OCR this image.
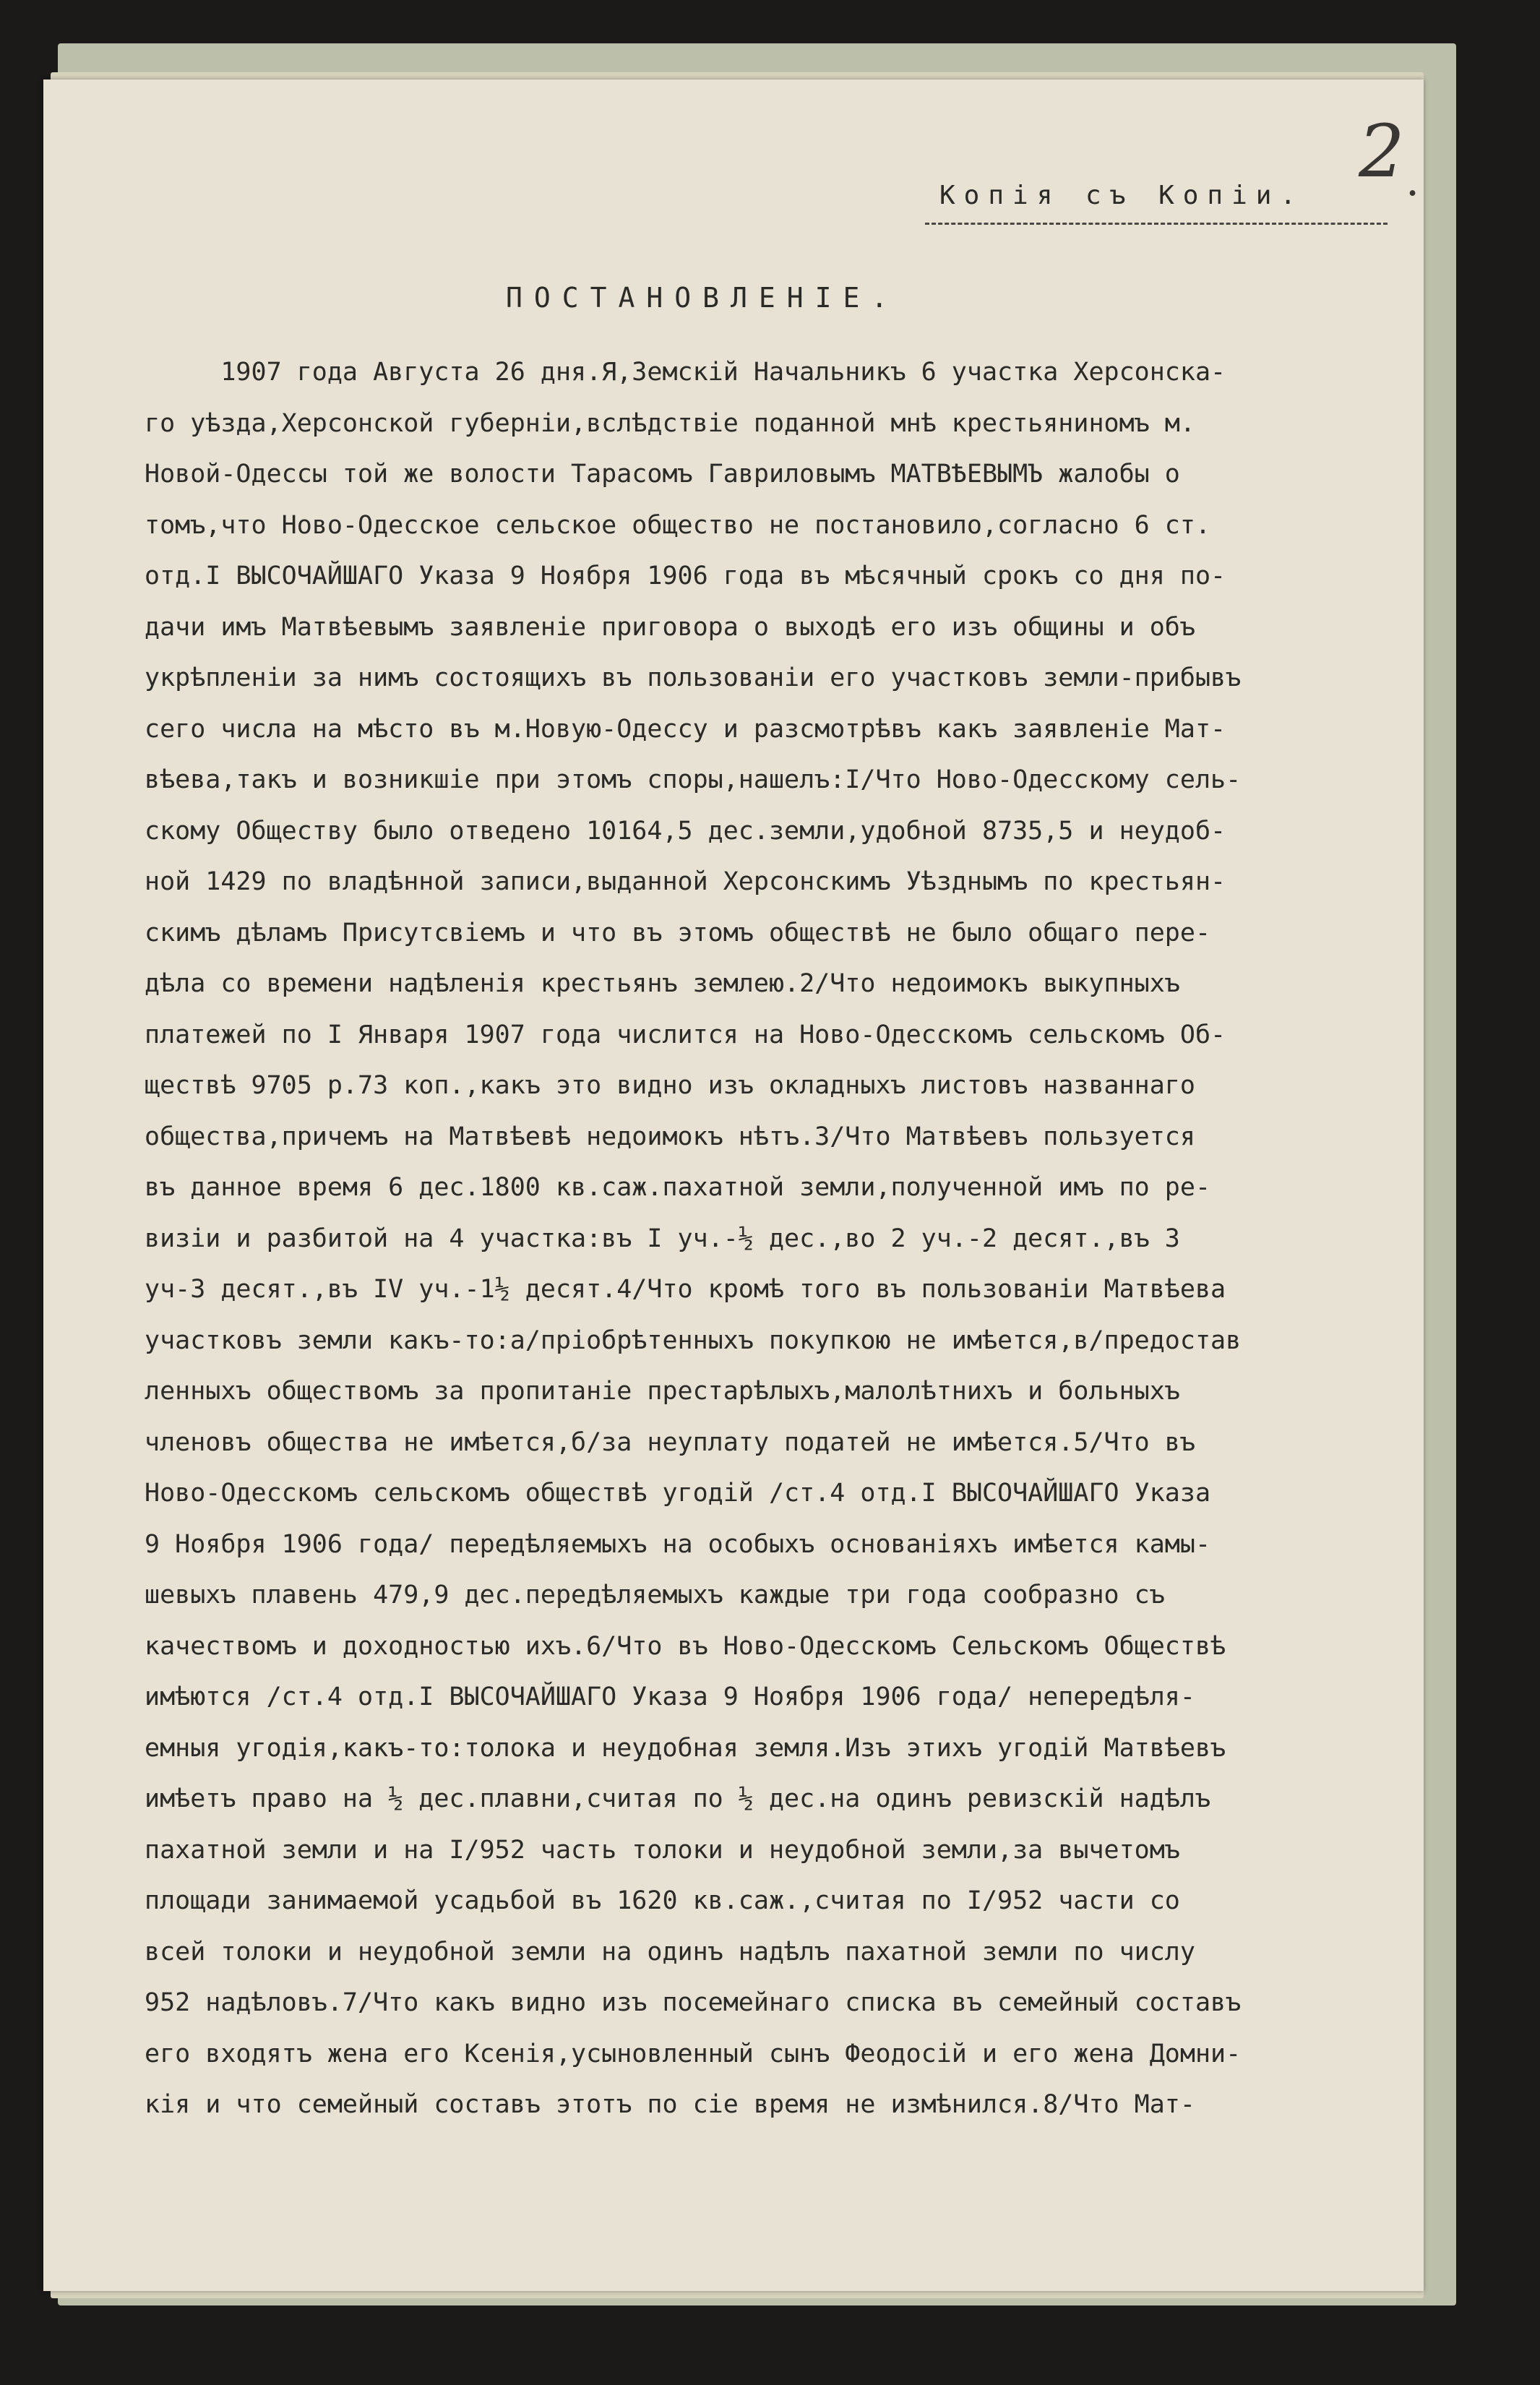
2 .
Копія съ Копіи.
ПОСТАНОВЛЕНІЕ.
1907 года Августа 26 дня.Я,Земскій Начальникъ 6 участка Херсонска-
го уѣзда,Херсонской губерніи,вслѣдствіе поданной мнѣ крестьяниномъ м.
Новой-Одессы той же волости Тарасомъ Гавриловымъ МАТВѢЕВЫМЪ жалобы о
томъ,что Ново-Одесское сельское общество не постановило,согласно 6 ст.
отд.I ВЫСОЧАЙШАГО Указа 9 Ноября 1906 года въ мѣсячный срокъ со дня по-
дачи имъ Матвѣевымъ заявленіе приговора о выходѣ его изъ общины и объ
укрѣпленіи за нимъ состоящихъ въ пользованіи его участковъ земли-прибывъ
сего числа на мѣсто въ м.Новую-Одессу и разсмотрѣвъ какъ заявленіе Мат-
вѣева,такъ и возникшіе при этомъ споры,нашелъ:I/Что Ново-Одесскому сель-
скому Обществу было отведено 10164,5 дес.земли,удобной 8735,5 и неудоб-
ной 1429 по владѣнной записи,выданной Херсонскимъ Уѣзднымъ по крестьян-
скимъ дѣламъ Присутсвіемъ и что въ этомъ обществѣ не было общаго пере-
дѣла со времени надѣленія крестьянъ землею.2/Что недоимокъ выкупныхъ
платежей по I Января 1907 года числится на Ново-Одесскомъ сельскомъ Об-
ществѣ 9705 р.73 коп.,какъ это видно изъ окладныхъ листовъ названнаго
общества,причемъ на Матвѣевѣ недоимокъ нѣтъ.3/Что Матвѣевъ пользуется
въ данное время 6 дес.1800 кв.саж.пахатной земли,полученной имъ по ре-
визіи и разбитой на 4 участка:въ I уч.-½ дес.,во 2 уч.-2 десят.,въ 3
уч-3 десят.,въ IV уч.-1½ десят.4/Что кромѣ того въ пользованіи Матвѣева
участковъ земли какъ-то:а/пріобрѣтенныхъ покупкою не имѣется,в/предостав
ленныхъ обществомъ за пропитаніе престарѣлыхъ,малолѣтнихъ и больныхъ
членовъ общества не имѣется,б/за неуплату податей не имѣется.5/Что въ
Ново-Одесскомъ сельскомъ обществѣ угодій /ст.4 отд.I ВЫСОЧАЙШАГО Указа
9 Ноября 1906 года/ передѣляемыхъ на особыхъ основаніяхъ имѣется камы-
шевыхъ плавень 479,9 дес.передѣляемыхъ каждые три года сообразно съ
качествомъ и доходностью ихъ.6/Что въ Ново-Одесскомъ Сельскомъ Обществѣ
имѣются /ст.4 отд.I ВЫСОЧАЙШАГО Указа 9 Ноября 1906 года/ непередѣля-
емныя угодія,какъ-то:толока и неудобная земля.Изъ этихъ угодій Матвѣевъ
имѣетъ право на ½ дес.плавни,считая по ½ дес.на одинъ ревизскій надѣлъ
пахатной земли и на I/952 часть толоки и неудобной земли,за вычетомъ
площади занимаемой усадьбой въ 1620 кв.саж.,считая по I/952 части со
всей толоки и неудобной земли на одинъ надѣлъ пахатной земли по числу
952 надѣловъ.7/Что какъ видно изъ посемейнаго списка въ семейный составъ
его входятъ жена его Ксенія,усыновленный сынъ Феодосій и его жена Домни-
кія и что семейный составъ этотъ по сіе время не измѣнился.8/Что Мат-
